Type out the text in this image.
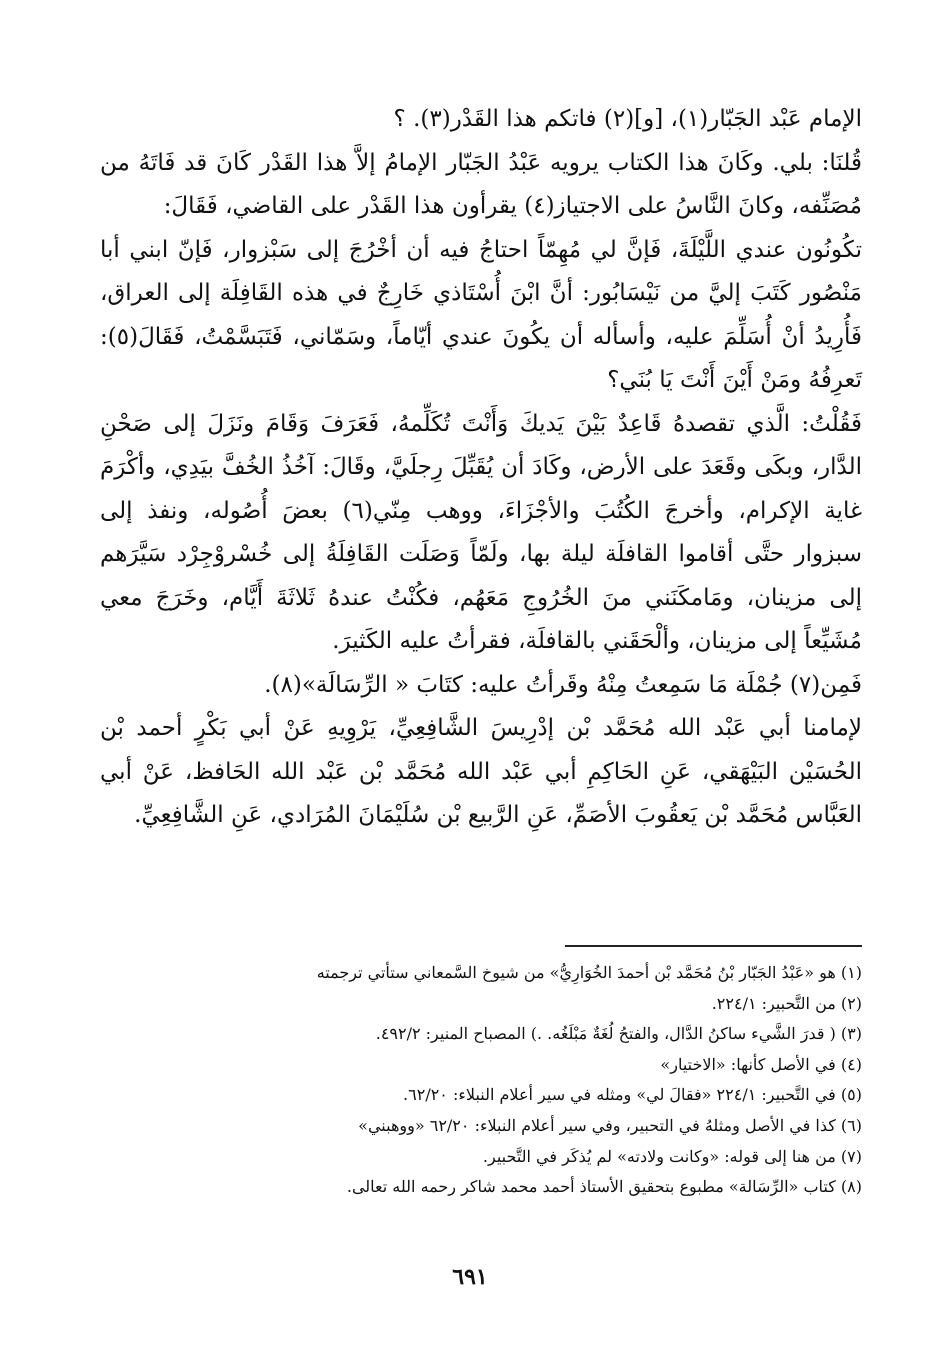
الإمام عَبْد الجَبّار(١)، [و](٢) فاتكم هذا القَدْر(٣). ؟

قُلنَا: بلي. وكَانَ هذا الكتاب يرويه عَبْدُ الجَبّار الإمامُ إلاَّ هذا القَدْر كَانَ قد فَاتَهُ من مُصَنِّفه، وكانَ النَّاسُ على الاجتياز(٤) يقرأون هذا القَدْر على القاضي، فَقَالَ:

تكُونُون عندي اللَّيْلَةَ، فَإنَّ لي مُهِمّاً احتاجُ فيه أن أخْرُجَ إلى سَبْزوار، فَإنّ ابني أبا مَنْصُور كَتَبَ إليَّ من نَيْسَابُور: أنَّ ابْنَ أُسْتَاذي خَارِجٌ في هذه القَافِلَة إلى العراق، فَأُرِيدُ أنْ أُسَلِّمَ عليه، وأسأله أن يكُونَ عندي أيّاماً، وسَمّاني، فَتَبَسَّمْتُ، فَقَالَ(٥): تَعرِفُهُ ومَنْ أَيْنَ أَنْتَ يَا بُنَي؟

فَقُلْتُ: الَّذي تقصدهُ قَاعِدٌ بَيْنَ يَديكَ وَأَنْتَ تُكَلِّمهُ، فَعَرَفَ وَقَامَ ونَزَلَ إلى صَحْنِ الدَّار، وبكَى وقَعَدَ على الأرض، وكَادَ أن يُقَبِّلَ رِجلَيَّ، وقَالَ: آخُذُ الخُفَّ بيَدِي، وأكْرَمَ غاية الإكرام، وأخرجَ الكُتُبَ والأجْزَاءَ، ووهب مِنّي(٦) بعضَ أُصُوله، ونفذ إلى سبزوار حتَّى أقاموا القافلَة ليلة بها، ولَمّاً وَصَلَت القَافِلَةُ إلى خُسْروْجِرْد سَيَّرَهم إلى مزينان، ومَامكَنَني منَ الخُرُوجِ مَعَهُم، فكُنْتُ عندهُ ثَلاثَةَ أَيَّام، وخَرَجَ معي مُشَيِّعاً إلى مزينان، وألْحَقَني بالقافلَة، فقرأتُ عليه الكَثيرَ.

فَمِن(٧) جُمْلَة مَا سَمِعتُ مِنْهُ وقَرأتُ عليه: كتَابَ « الرِّسَالَة»(٨).

لإمامنا أبي عَبْد الله مُحَمَّد بْن إدْرِيسَ الشَّافِعِيِّ، يَرْوِيهِ عَنْ أبي بَكْرٍ أحمد بْن الحُسَيْن البَيْهَقي، عَنِ الحَاكِمِ أبي عَبْد الله مُحَمَّد بْن عَبْد الله الحَافظ، عَنْ أبي العَبَّاس مُحَمَّد بْن يَعقُوبَ الأصَمِّ، عَنِ الرَّبيع بْن سُلَيْمَانَ المُرَادي، عَنِ الشَّافِعِيِّ.

(١) هو «عَبْدُ الجَبّار بْنُ مُحَمَّد بْن أحمدَ الخُوَارِيُّ» من شيوخ السَّمعاني ستأتي ترجمته

(٢) من التَّحبير: ٢٢٤/١.

(٣) ( قدرَ الشَّيء ساكنُ الدَّال، والفتحُ لُغَةٌ مَبْلَغُه. .) المصباح المنير: ٤٩٢/٢.

(٤) في الأصل كأنها: «الاختيار»

(٥) في التَّحبير: ٢٢٤/١ «فقالَ لي» ومثله في سير أعلام النبلاء: ٦٢/٢٠.

(٦) كذا في الأصل ومثلهُ في التحبير، وفي سير أعلام النبلاء: ٦٢/٢٠ «ووهبني»

(٧) من هنا إلى قوله: «وكانت ولادته» لم يُذكَر في التَّحبير.

(٨) كتاب «الرِّسَالة» مطبوع بتحقيق الأستاذ أحمد محمد شاكر رحمه الله تعالى.

٦٩١
